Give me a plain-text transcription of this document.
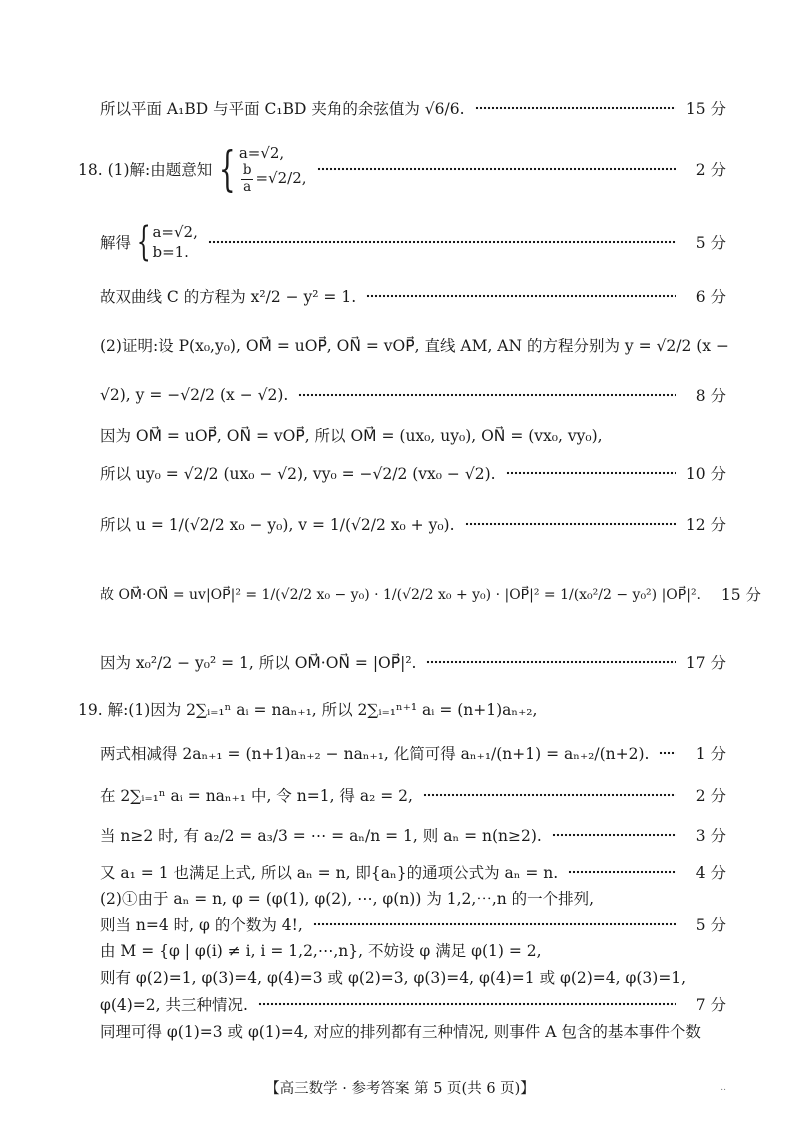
所以平面 A₁BD 与平面 C₁BD 夹角的余弦值为 √6/6.	15 分
18. (1)解:由题意知 { a=√2,
$\frac{b}{a} =√2/2$,	2 分
解得 { a=√2,
b=1.	5 分
故双曲线 C 的方程为 x²/2 − y² = 1.	6 分
(2)证明:设 P(x₀,y₀), OM⃗ = uOP⃗, ON⃗ = vOP⃗, 直线 AM, AN 的方程分别为 y = √2/2 (x −
√2), y = −√2/2 (x − √2).	8 分
因为 OM⃗ = uOP⃗, ON⃗ = vOP⃗, 所以 OM⃗ = (ux₀, uy₀), ON⃗ = (vx₀, vy₀),
所以 uy₀ = √2/2 (ux₀ − √2), vy₀ = −√2/2 (vx₀ − √2).	10 分
所以 u = 1/(√2/2 x₀ − y₀), v = 1/(√2/2 x₀ + y₀).	12 分
故 OM⃗·ON⃗ = uv|OP⃗|² = 1/(√2/2 x₀ − y₀) · 1/(√2/2 x₀ + y₀) · |OP⃗|² = 1/(x₀²/2 − y₀²) |OP⃗|². 15 分
因为 x₀²/2 − y₀² = 1, 所以 OM⃗·ON⃗ = |OP⃗|².	17 分
19. 解:(1)因为 2∑ᵢ₌₁ⁿ aᵢ = naₙ₊₁, 所以 2∑ᵢ₌₁ⁿ⁺¹ aᵢ = (n+1)aₙ₊₂,
两式相减得 2aₙ₊₁ = (n+1)aₙ₊₂ − naₙ₊₁, 化简可得 aₙ₊₁/(n+1) = aₙ₊₂/(n+2).	1 分
在 2∑ᵢ₌₁ⁿ aᵢ = naₙ₊₁ 中, 令 n=1, 得 a₂ = 2,	2 分
当 n≥2 时, 有 a₂/2 = a₃/3 = ⋯ = aₙ/n = 1, 则 aₙ = n(n≥2).	3 分
又 a₁ = 1 也满足上式, 所以 aₙ = n, 即{aₙ}的通项公式为 aₙ = n.	4 分
(2)①由于 aₙ = n, φ = (φ(1), φ(2), ⋯, φ(n)) 为 1,2,⋯,n 的一个排列,
则当 n=4 时, φ 的个数为 4!,	5 分
由 M = {φ | φ(i) ≠ i, i = 1,2,⋯,n}, 不妨设 φ 满足 φ(1) = 2,
则有 φ(2)=1, φ(3)=4, φ(4)=3 或 φ(2)=3, φ(3)=4, φ(4)=1 或 φ(2)=4, φ(3)=1,
φ(4)=2, 共三种情况.	7 分
同理可得 φ(1)=3 或 φ(1)=4, 对应的排列都有三种情况, 则事件 A 包含的基本事件个数
【高三数学 · 参考答案 第 5 页(共 6 页)】	..
